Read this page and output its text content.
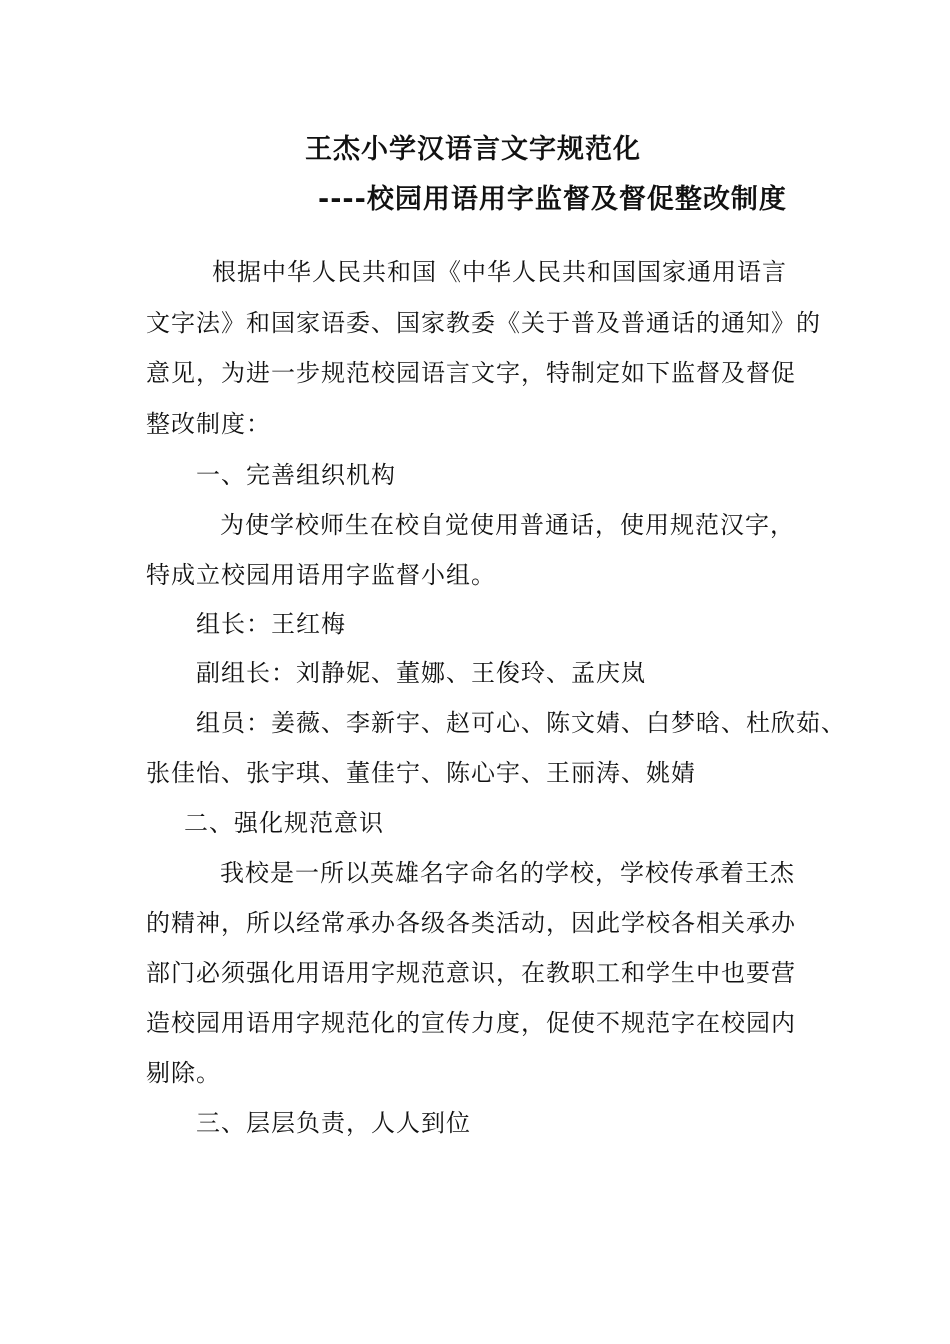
王杰小学汉语言文字规范化
----校园用语用字监督及督促整改制度
根据中华人民共和国《中华人民共和国国家通用语言
文字法》和国家语委、国家教委《关于普及普通话的通知》的
意见，为进一步规范校园语言文字，特制定如下监督及督促
整改制度：
一、完善组织机构
为使学校师生在校自觉使用普通话，使用规范汉字，
特成立校园用语用字监督小组。
组长：王红梅
副组长：刘静妮、董娜、王俊玲、孟庆岚
组员：姜薇、李新宇、赵可心、陈文婧、白梦晗、杜欣茹、
张佳怡、张宇琪、董佳宁、陈心宇、王丽涛、姚婧
二、强化规范意识
我校是一所以英雄名字命名的学校，学校传承着王杰
的精神，所以经常承办各级各类活动，因此学校各相关承办
部门必须强化用语用字规范意识，在教职工和学生中也要营
造校园用语用字规范化的宣传力度，促使不规范字在校园内
剔除。
三、层层负责，人人到位
